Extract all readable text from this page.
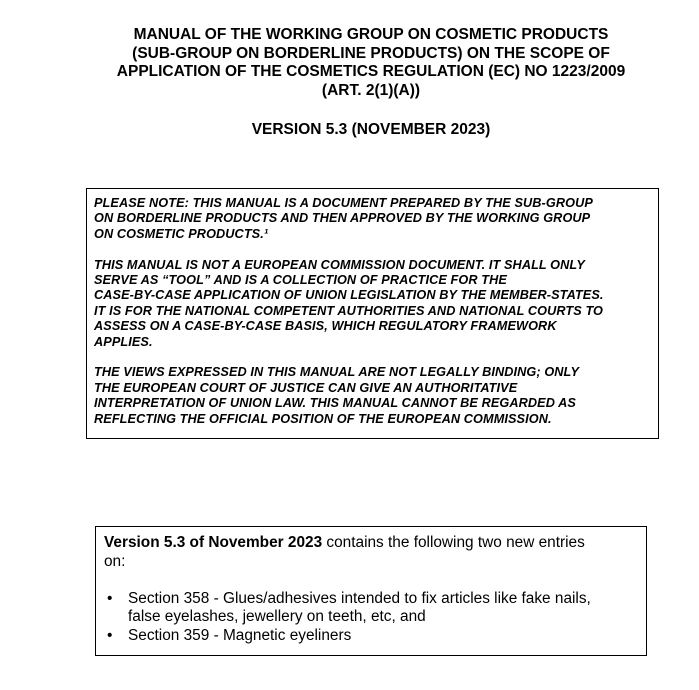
MANUAL OF THE WORKING GROUP ON COSMETIC PRODUCTS
(SUB-GROUP ON BORDERLINE PRODUCTS) ON THE SCOPE OF
APPLICATION OF THE COSMETICS REGULATION (EC) NO 1223/2009
(ART. 2(1)(A))
VERSION 5.3 (NOVEMBER 2023)
PLEASE NOTE: THIS MANUAL IS A DOCUMENT PREPARED BY THE SUB-GROUP
ON BORDERLINE PRODUCTS AND THEN APPROVED BY THE WORKING GROUP
ON COSMETIC PRODUCTS.¹
THIS MANUAL IS NOT A EUROPEAN COMMISSION DOCUMENT. IT SHALL ONLY
SERVE AS “TOOL” AND IS A COLLECTION OF PRACTICE FOR THE
CASE-BY-CASE APPLICATION OF UNION LEGISLATION BY THE MEMBER-STATES.
IT IS FOR THE NATIONAL COMPETENT AUTHORITIES AND NATIONAL COURTS TO
ASSESS ON A CASE-BY-CASE BASIS, WHICH REGULATORY FRAMEWORK
APPLIES.
THE VIEWS EXPRESSED IN THIS MANUAL ARE NOT LEGALLY BINDING; ONLY
THE EUROPEAN COURT OF JUSTICE CAN GIVE AN AUTHORITATIVE
INTERPRETATION OF UNION LAW. THIS MANUAL CANNOT BE REGARDED AS
REFLECTING THE OFFICIAL POSITION OF THE EUROPEAN COMMISSION.
Version 5.3 of November 2023 contains the following two new entries
on:
• Section 358 - Glues/adhesives intended to fix articles like fake nails,
false eyelashes, jewellery on teeth, etc, and
• Section 359 - Magnetic eyeliners
